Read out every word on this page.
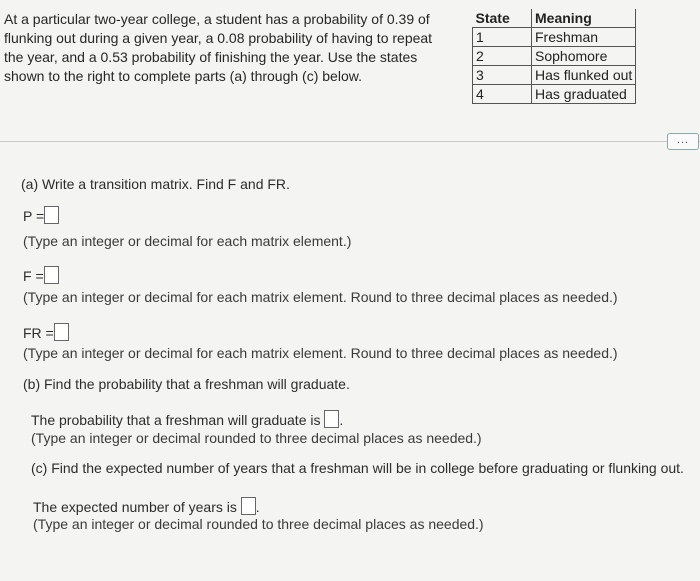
At a particular two-year college, a student has a probability of 0.39 of flunking out during a given year, a 0.08 probability of having to repeat the year, and a 0.53 probability of finishing the year. Use the states shown to the right to complete parts (a) through (c) below.
State	Meaning
1	Freshman
2	Sophomore
3	Has flunked out
4	Has graduated
...
(a) Write a transition matrix. Find F and FR.
P =
(Type an integer or decimal for each matrix element.)
F =
(Type an integer or decimal for each matrix element. Round to three decimal places as needed.)
FR =
(Type an integer or decimal for each matrix element. Round to three decimal places as needed.)
(b) Find the probability that a freshman will graduate.
The probability that a freshman will graduate is .
(Type an integer or decimal rounded to three decimal places as needed.)
(c) Find the expected number of years that a freshman will be in college before graduating or flunking out.
The expected number of years is .
(Type an integer or decimal rounded to three decimal places as needed.)
